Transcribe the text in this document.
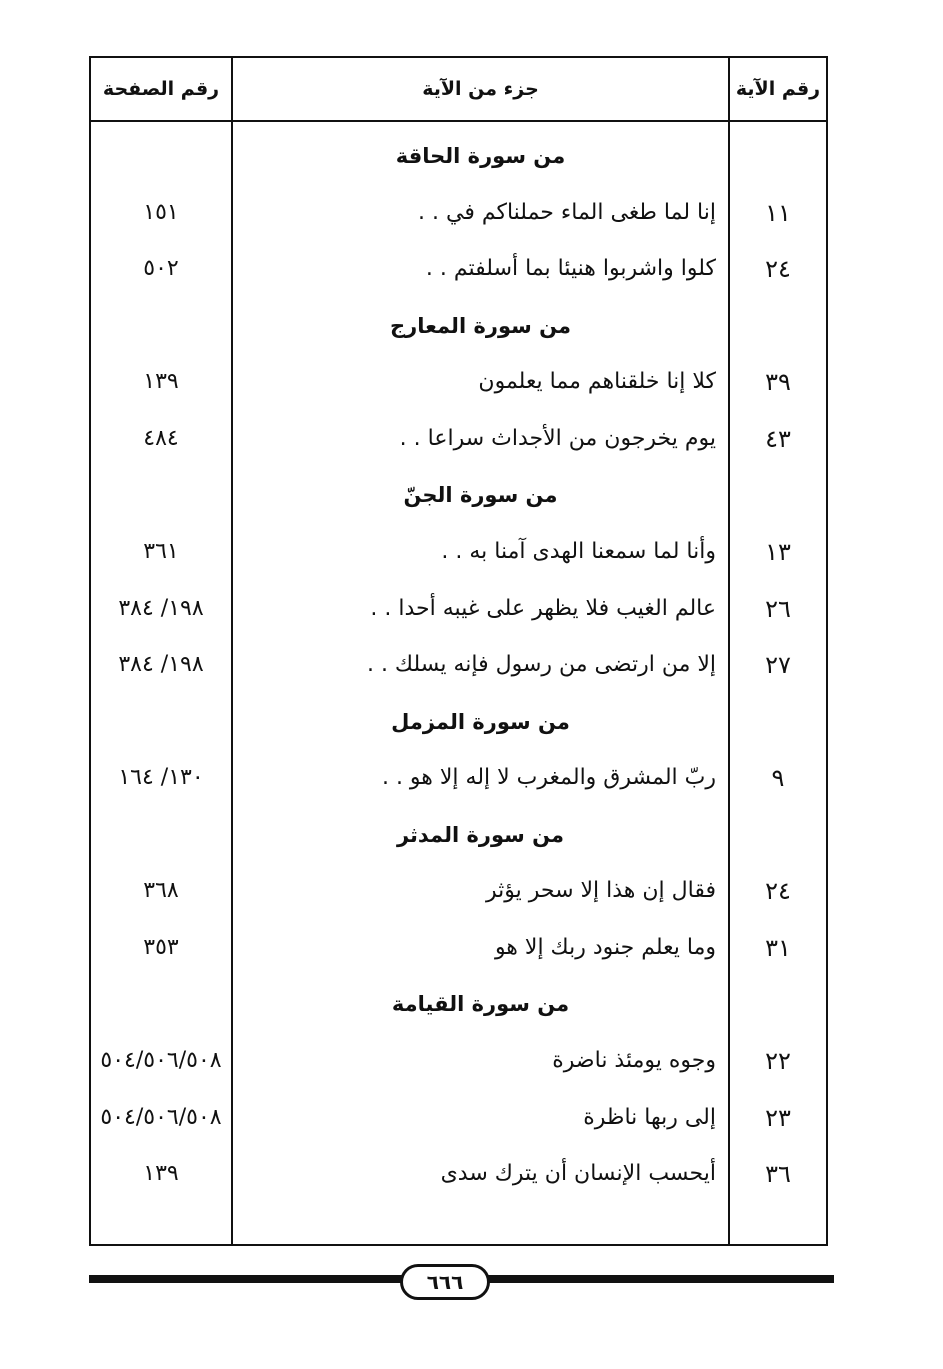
رقم الآية
جزء من الآية
رقم الصفحة
من سورة الحاقة
١١
إنا لما طغى الماء حملناكم في . .
١٥١
٢٤
كلوا واشربوا هنيئا بما أسلفتم . .
٥٠٢
من سورة المعارج
٣٩
كلا إنا خلقناهم مما يعلمون
١٣٩
٤٣
يوم يخرجون من الأجداث سراعا . .
٤٨٤
من سورة الجنّ
١٣
وأنا لما سمعنا الهدى آمنا به . .
٣٦١
٢٦
عالم الغيب فلا يظهر على غيبه أحدا . .
١٩٨/ ٣٨٤
٢٧
إلا من ارتضى من رسول فإنه يسلك . .
١٩٨/ ٣٨٤
من سورة المزمل
٩
ربّ المشرق والمغرب لا إله إلا هو . .
١٣٠/ ١٦٤
من سورة المدثر
٢٤
فقال إن هذا إلا سحر يؤثر
٣٦٨
٣١
وما يعلم جنود ربك إلا هو
٣٥٣
من سورة القيامة
٢٢
وجوه يومئذ ناضرة
٥٠٤/٥٠٦/٥٠٨
٢٣
إلى ربها ناظرة
٥٠٤/٥٠٦/٥٠٨
٣٦
أيحسب الإنسان أن يترك سدى
١٣٩
٦٦٦
